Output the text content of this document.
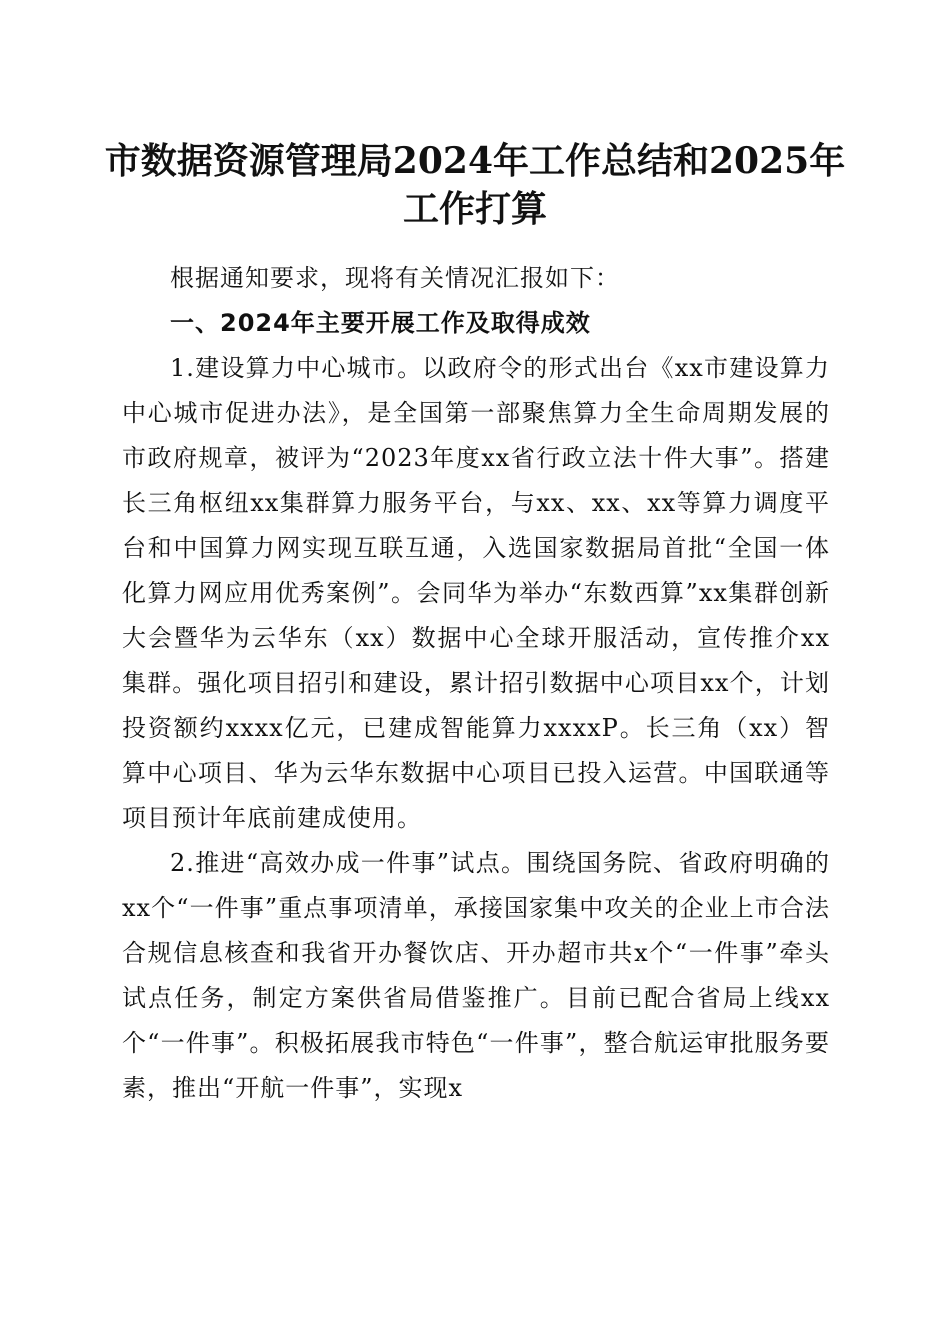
市数据资源管理局2024年工作总结和2025年
工作打算

根据通知要求，现将有关情况汇报如下：

一、2024年主要开展工作及取得成效

1.建设算力中心城市。以政府令的形式出台《xx市建设算力中心城市促进办法》，是全国第一部聚焦算力全生命周期发展的市政府规章，被评为“2023年度xx省行政立法十件大事”。搭建长三角枢纽xx集群算力服务平台，与xx、xx、xx等算力调度平台和中国算力网实现互联互通，入选国家数据局首批“全国一体化算力网应用优秀案例”。会同华为举办“东数西算”xx集群创新大会暨华为云华东（xx）数据中心全球开服活动，宣传推介xx集群。强化项目招引和建设，累计招引数据中心项目xx个，计划投资额约xxxx亿元，已建成智能算力xxxxP。长三角（xx）智算中心项目、华为云华东数据中心项目已投入运营。中国联通等项目预计年底前建成使用。

2.推进“高效办成一件事”试点。围绕国务院、省政府明确的xx个“一件事”重点事项清单，承接国家集中攻关的企业上市合法合规信息核查和我省开办餐饮店、开办超市共x个“一件事”牵头试点任务，制定方案供省局借鉴推广。目前已配合省局上线xx个“一件事”。积极拓展我市特色“一件事”，整合航运审批服务要素，推出“开航一件事”，实现x
